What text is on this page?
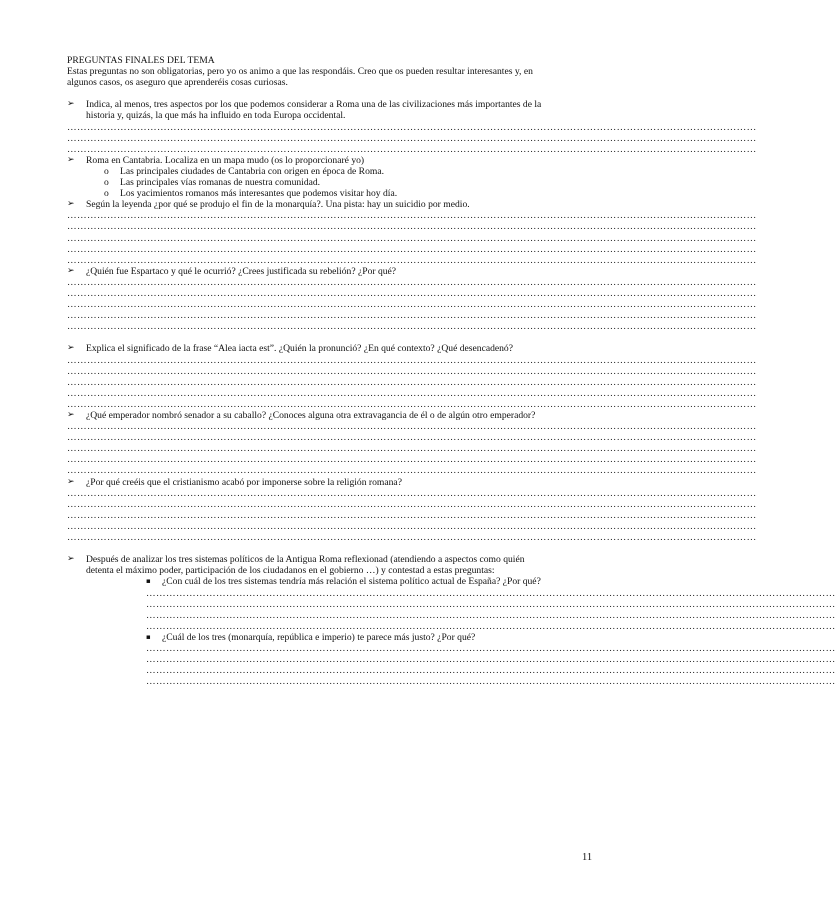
PREGUNTAS FINALES DEL TEMA
Estas preguntas no son obligatorias, pero yo os animo a que las respondáis. Creo que os pueden resultar interesantes y, en
algunos casos, os aseguro que aprenderéis cosas curiosas.
➢ Indica, al menos, tres aspectos por los que podemos considerar a Roma una de las civilizaciones más importantes de la
historia y, quizás, la que más ha influido en toda Europa occidental.
………………………………………………………………………………………………………………………………………………………………………………………
………………………………………………………………………………………………………………………………………………………………………………………
………………………………………………………………………………………………………………………………………………………………………………………
➢ Roma en Cantabria. Localiza en un mapa mudo (os lo proporcionaré yo)
o Las principales ciudades de Cantabria con origen en época de Roma.
o Las principales vías romanas de nuestra comunidad.
o Los yacimientos romanos más interesantes que podemos visitar hoy día.
➢ Según la leyenda ¿por qué se produjo el fin de la monarquía?. Una pista: hay un suicidio por medio.
………………………………………………………………………………………………………………………………………………………………………………………
………………………………………………………………………………………………………………………………………………………………………………………
………………………………………………………………………………………………………………………………………………………………………………………
………………………………………………………………………………………………………………………………………………………………………………………
………………………………………………………………………………………………………………………………………………………………………………………
➢ ¿Quién fue Espartaco y qué le ocurrió? ¿Crees justificada su rebelión? ¿Por qué?
………………………………………………………………………………………………………………………………………………………………………………………
………………………………………………………………………………………………………………………………………………………………………………………
………………………………………………………………………………………………………………………………………………………………………………………
………………………………………………………………………………………………………………………………………………………………………………………
………………………………………………………………………………………………………………………………………………………………………………………
➢ Explica el significado de la frase “Alea iacta est”. ¿Quién la pronunció? ¿En qué contexto? ¿Qué desencadenó?
………………………………………………………………………………………………………………………………………………………………………………………
………………………………………………………………………………………………………………………………………………………………………………………
………………………………………………………………………………………………………………………………………………………………………………………
………………………………………………………………………………………………………………………………………………………………………………………
………………………………………………………………………………………………………………………………………………………………………………………
➢ ¿Qué emperador nombró senador a su caballo? ¿Conoces alguna otra extravagancia de él o de algún otro emperador?
………………………………………………………………………………………………………………………………………………………………………………………
………………………………………………………………………………………………………………………………………………………………………………………
………………………………………………………………………………………………………………………………………………………………………………………
………………………………………………………………………………………………………………………………………………………………………………………
………………………………………………………………………………………………………………………………………………………………………………………
➢ ¿Por qué creéis que el cristianismo acabó por imponerse sobre la religión romana?
………………………………………………………………………………………………………………………………………………………………………………………
………………………………………………………………………………………………………………………………………………………………………………………
………………………………………………………………………………………………………………………………………………………………………………………
………………………………………………………………………………………………………………………………………………………………………………………
………………………………………………………………………………………………………………………………………………………………………………………
➢ Después de analizar los tres sistemas políticos de la Antigua Roma reflexionad (atendiendo a aspectos como quién
detenta el máximo poder, participación de los ciudadanos en el gobierno …) y contestad a estas preguntas:
▪ ¿Con cuál de los tres sistemas tendría más relación el sistema político actual de España? ¿Por qué?
………………………………………………………………………………………………………………………………………………………………………………………
………………………………………………………………………………………………………………………………………………………………………………………
………………………………………………………………………………………………………………………………………………………………………………………
………………………………………………………………………………………………………………………………………………………………………………………
▪ ¿Cuál de los tres (monarquía, república e imperio) te parece más justo? ¿Por qué?
………………………………………………………………………………………………………………………………………………………………………………………
………………………………………………………………………………………………………………………………………………………………………………………
………………………………………………………………………………………………………………………………………………………………………………………
………………………………………………………………………………………………………………………………………………………………………………………
11
